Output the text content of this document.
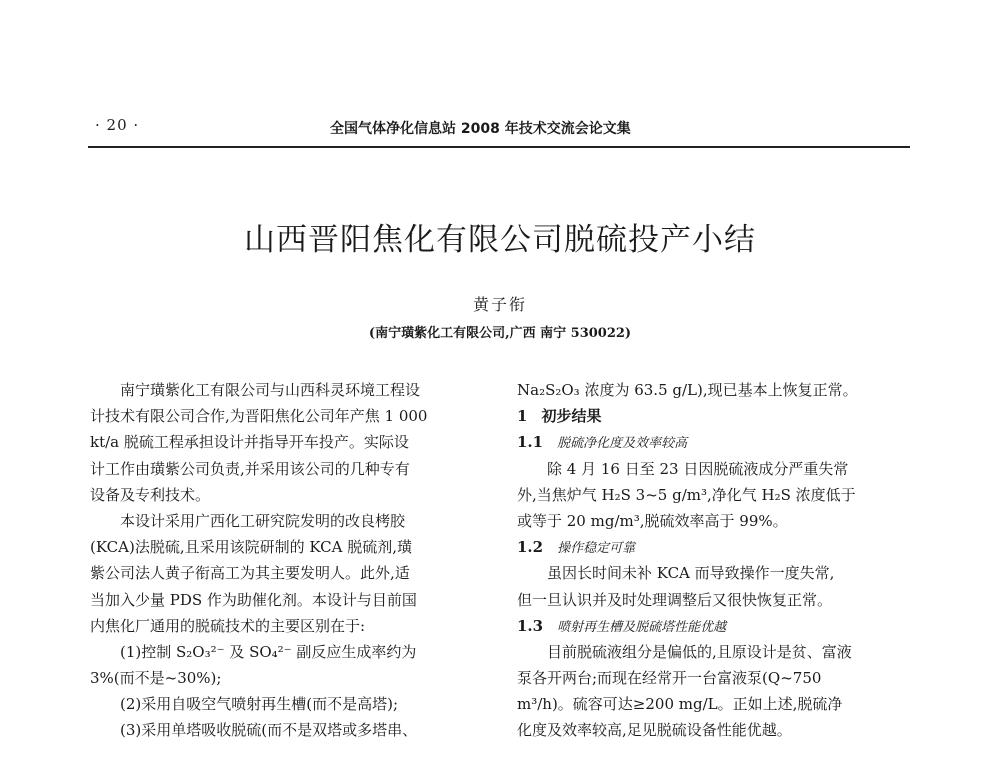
· 20 ·	全国气体净化信息站 2008 年技术交流会论文集
山西晋阳焦化有限公司脱硫投产小结
黄子衔
(南宁璜紫化工有限公司,广西 南宁 530022)
南宁璜紫化工有限公司与山西科灵环境工程设
计技术有限公司合作,为晋阳焦化公司年产焦 1 000
kt/a 脱硫工程承担设计并指导开车投产。实际设
计工作由璜紫公司负责,并采用该公司的几种专有
设备及专利技术。
本设计采用广西化工研究院发明的改良栲胶
(KCA)法脱硫,且采用该院研制的 KCA 脱硫剂,璜
紫公司法人黄子衔高工为其主要发明人。此外,适
当加入少量 PDS 作为助催化剂。本设计与目前国
内焦化厂通用的脱硫技术的主要区别在于:
(1)控制 S₂O₃²⁻ 及 SO₄²⁻ 副反应生成率约为
3%(而不是~30%);
(2)采用自吸空气喷射再生槽(而不是高塔);
(3)采用单塔吸收脱硫(而不是双塔或多塔串、
Na₂S₂O₃ 浓度为 63.5 g/L),现已基本上恢复正常。
1 初步结果
1.1 脱硫净化度及效率较高
除 4 月 16 日至 23 日因脱硫液成分严重失常
外,当焦炉气 H₂S 3~5 g/m³,净化气 H₂S 浓度低于
或等于 20 mg/m³,脱硫效率高于 99%。
1.2 操作稳定可靠
虽因长时间未补 KCA 而导致操作一度失常,
但一旦认识并及时处理调整后又很快恢复正常。
1.3 喷射再生槽及脱硫塔性能优越
目前脱硫液组分是偏低的,且原设计是贫、富液
泵各开两台;而现在经常开一台富液泵(Q~750
m³/h)。硫容可达≥200 mg/L。正如上述,脱硫净
化度及效率较高,足见脱硫设备性能优越。
